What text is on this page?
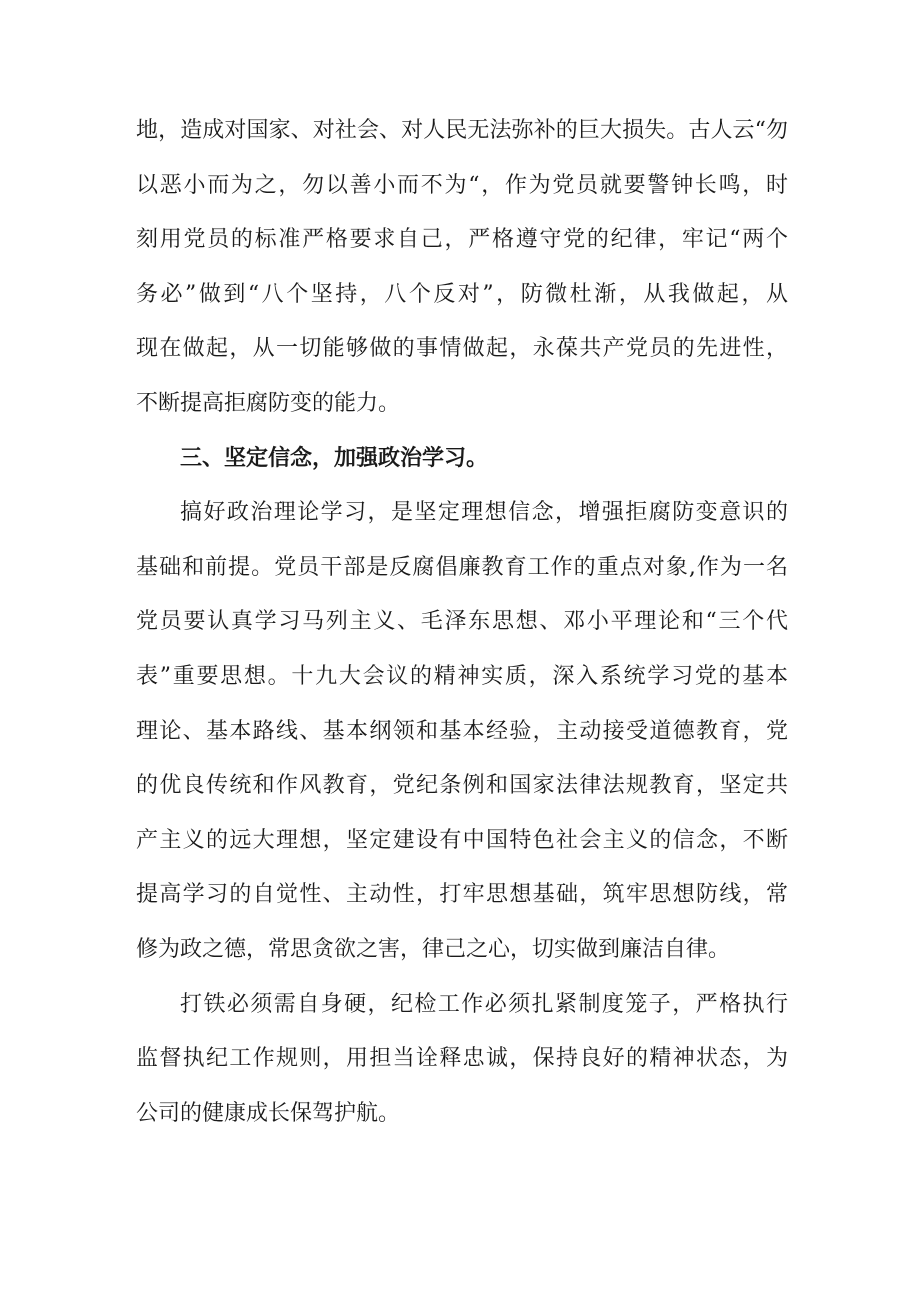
地，造成对国家、对社会、对人民无法弥补的巨大损失。古人云“勿
以恶小而为之，勿以善小而不为“，作为党员就要警钟长鸣，时
刻用党员的标准严格要求自己，严格遵守党的纪律，牢记“两个
务必”做到“八个坚持，八个反对”，防微杜渐，从我做起，从
现在做起，从一切能够做的事情做起，永葆共产党员的先进性，
不断提高拒腐防变的能力。
三、坚定信念，加强政治学习。
搞好政治理论学习，是坚定理想信念，增强拒腐防变意识的
基础和前提。党员干部是反腐倡廉教育工作的重点对象,作为一名
党员要认真学习马列主义、毛泽东思想、邓小平理论和“三个代
表”重要思想。十九大会议的精神实质，深入系统学习党的基本
理论、基本路线、基本纲领和基本经验，主动接受道德教育，党
的优良传统和作风教育，党纪条例和国家法律法规教育，坚定共
产主义的远大理想，坚定建设有中国特色社会主义的信念，不断
提高学习的自觉性、主动性，打牢思想基础，筑牢思想防线，常
修为政之德，常思贪欲之害，律己之心，切实做到廉洁自律。
打铁必须需自身硬，纪检工作必须扎紧制度笼子，严格执行
监督执纪工作规则，用担当诠释忠诚，保持良好的精神状态，为
公司的健康成长保驾护航。
